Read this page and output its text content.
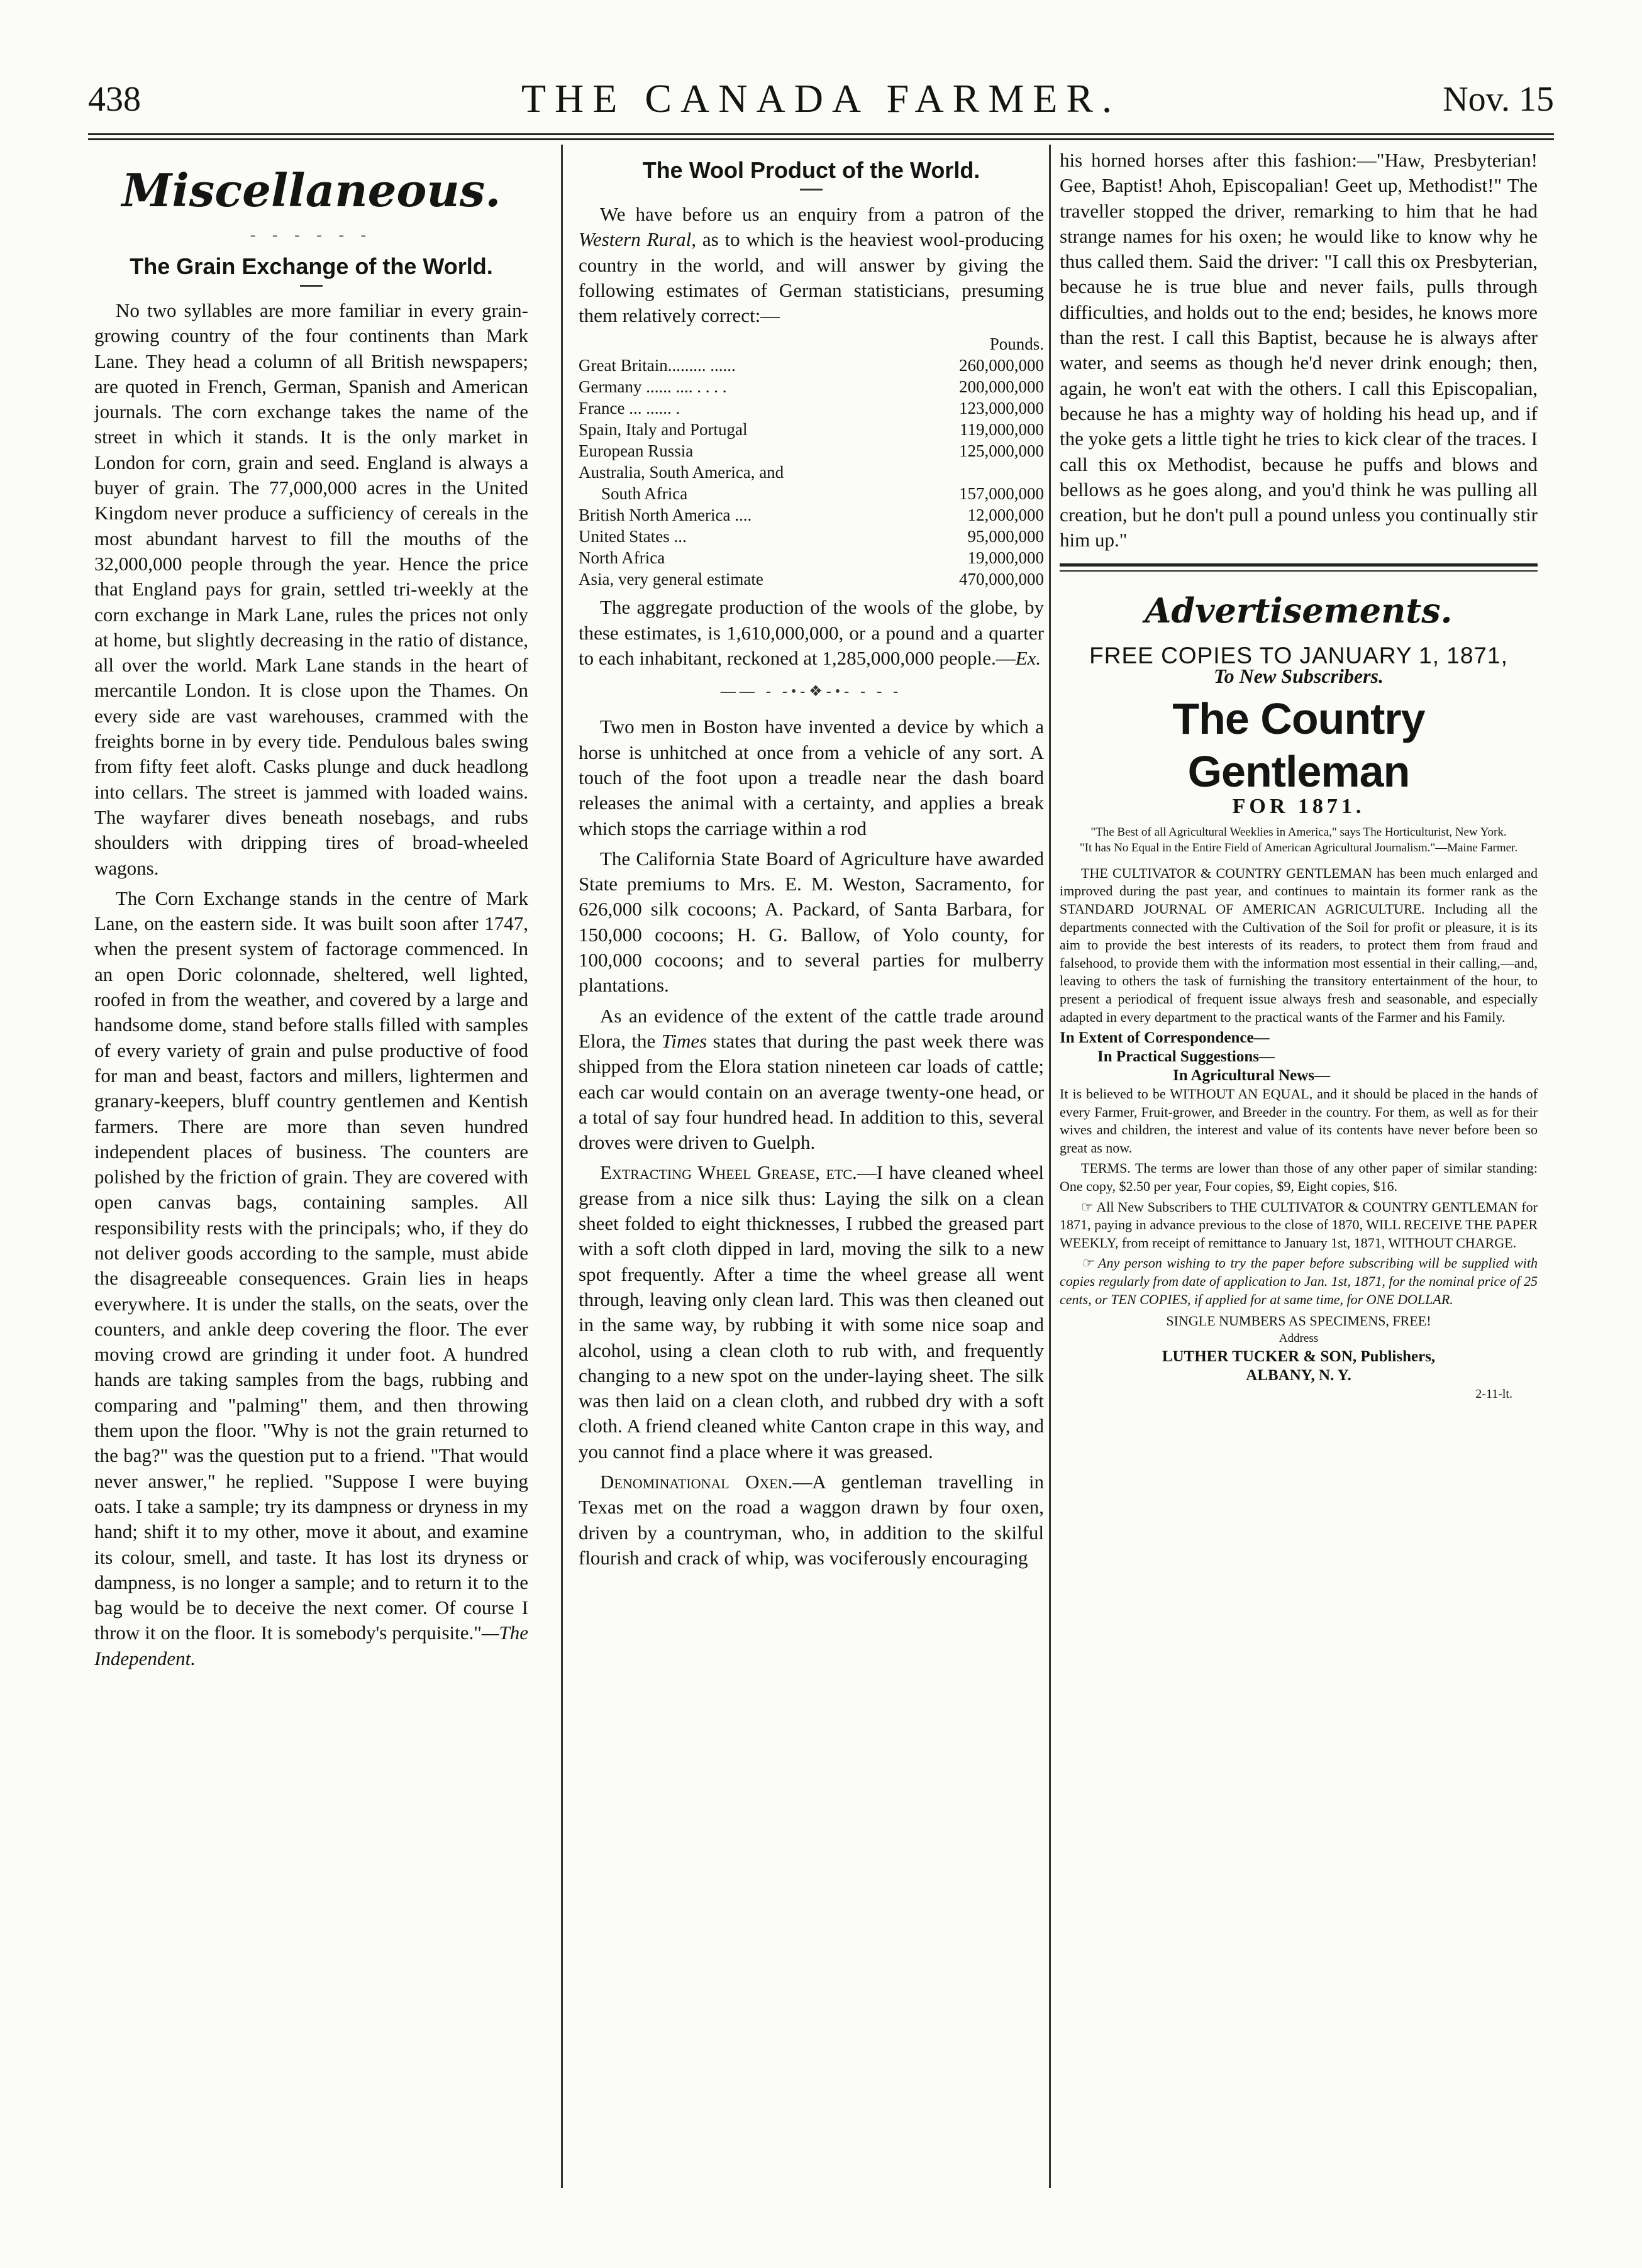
438	THE CANADA FARMER.	Nov. 15
Miscellaneous.
- - - - - -
The Grain Exchange of the World.

No two syllables are more familiar in every grain-growing country of the four continents than Mark Lane. They head a column of all British newspapers; are quoted in French, German, Spanish and American journals. The corn exchange takes the name of the street in which it stands. It is the only market in London for corn, grain and seed. England is always a buyer of grain. The 77,000,000 acres in the United Kingdom never produce a sufficiency of cereals in the most abundant harvest to fill the mouths of the 32,000,000 people through the year. Hence the price that England pays for grain, settled tri-weekly at the corn exchange in Mark Lane, rules the prices not only at home, but slightly decreasing in the ratio of distance, all over the world. Mark Lane stands in the heart of mercantile London. It is close upon the Thames. On every side are vast warehouses, crammed with the freights borne in by every tide. Pendulous bales swing from fifty feet aloft. Casks plunge and duck headlong into cellars. The street is jammed with loaded wains. The wayfarer dives beneath nosebags, and rubs shoulders with dripping tires of broad-wheeled wagons.

The Corn Exchange stands in the centre of Mark Lane, on the eastern side. It was built soon after 1747, when the present system of factorage commenced. In an open Doric colonnade, sheltered, well lighted, roofed in from the weather, and covered by a large and handsome dome, stand before stalls filled with samples of every variety of grain and pulse productive of food for man and beast, factors and millers, lightermen and granary-keepers, bluff country gentlemen and Kentish farmers. There are more than seven hundred independent places of business. The counters are polished by the friction of grain. They are covered with open canvas bags, containing samples. All responsibility rests with the principals; who, if they do not deliver goods according to the sample, must abide the disagreeable consequences. Grain lies in heaps everywhere. It is under the stalls, on the seats, over the counters, and ankle deep covering the floor. The ever moving crowd are grinding it under foot. A hundred hands are taking samples from the bags, rubbing and comparing and "palming" them, and then throwing them upon the floor. "Why is not the grain returned to the bag?" was the question put to a friend. "That would never answer," he replied. "Suppose I were buying oats. I take a sample; try its dampness or dryness in my hand; shift it to my other, move it about, and examine its colour, smell, and taste. It has lost its dryness or dampness, is no longer a sample; and to return it to the bag would be to deceive the next comer. Of course I throw it on the floor. It is somebody's perquisite."—The Independent.

The Wool Product of the World.

We have before us an enquiry from a patron of the Western Rural, as to which is the heaviest wool-producing country in the world, and will answer by giving the following estimates of German statisticians, presuming them relatively correct:—

	Pounds.
Great Britain......... ......	260,000,000
Germany ...... .... . . . .	200,000,000
France ... ...... .	123,000,000
Spain, Italy and Portugal	119,000,000
European Russia	125,000,000
Australia, South America, and	
South Africa	157,000,000
British North America ....	12,000,000
United States ...	95,000,000
North Africa	19,000,000
Asia, very general estimate	470,000,000

The aggregate production of the wools of the globe, by these estimates, is 1,610,000,000, or a pound and a quarter to each inhabitant, reckoned at 1,285,000,000 people.—Ex.

—— - -•-❖-•- - - -

Two men in Boston have invented a device by which a horse is unhitched at once from a vehicle of any sort. A touch of the foot upon a treadle near the dash board releases the animal with a certainty, and applies a break which stops the carriage within a rod

The California State Board of Agriculture have awarded State premiums to Mrs. E. M. Weston, Sacramento, for 626,000 silk cocoons; A. Packard, of Santa Barbara, for 150,000 cocoons; H. G. Ballow, of Yolo county, for 100,000 cocoons; and to several parties for mulberry plantations.

As an evidence of the extent of the cattle trade around Elora, the Times states that during the past week there was shipped from the Elora station nineteen car loads of cattle; each car would contain on an average twenty-one head, or a total of say four hundred head. In addition to this, several droves were driven to Guelph.

Extracting Wheel Grease, etc.—I have cleaned wheel grease from a nice silk thus: Laying the silk on a clean sheet folded to eight thicknesses, I rubbed the greased part with a soft cloth dipped in lard, moving the silk to a new spot frequently. After a time the wheel grease all went through, leaving only clean lard. This was then cleaned out in the same way, by rubbing it with some nice soap and alcohol, using a clean cloth to rub with, and frequently changing to a new spot on the under-laying sheet. The silk was then laid on a clean cloth, and rubbed dry with a soft cloth. A friend cleaned white Canton crape in this way, and you cannot find a place where it was greased.

Denominational Oxen.—A gentleman travelling in Texas met on the road a waggon drawn by four oxen, driven by a countryman, who, in addition to the skilful flourish and crack of whip, was vociferously encouraging

his horned horses after this fashion:—"Haw, Presbyterian! Gee, Baptist! Ahoh, Episcopalian! Geet up, Methodist!" The traveller stopped the driver, remarking to him that he had strange names for his oxen; he would like to know why he thus called them. Said the driver: "I call this ox Presbyterian, because he is true blue and never fails, pulls through difficulties, and holds out to the end; besides, he knows more than the rest. I call this Baptist, because he is always after water, and seems as though he'd never drink enough; then, again, he won't eat with the others. I call this Episcopalian, because he has a mighty way of holding his head up, and if the yoke gets a little tight he tries to kick clear of the traces. I call this ox Methodist, because he puffs and blows and bellows as he goes along, and you'd think he was pulling all creation, but he don't pull a pound unless you continually stir him up."

Advertisements.
FREE COPIES TO JANUARY 1, 1871,
To New Subscribers.
The Country Gentleman
FOR 1871.
"The Best of all Agricultural Weeklies in America," says The Horticulturist, New York.
"It has No Equal in the Entire Field of American Agricultural Journalism."—Maine Farmer.

THE CULTIVATOR & COUNTRY GENTLEMAN has been much enlarged and improved during the past year, and continues to maintain its former rank as the STANDARD JOURNAL OF AMERICAN AGRICULTURE. Including all the departments connected with the Cultivation of the Soil for profit or pleasure, it is its aim to provide the best interests of its readers, to protect them from fraud and falsehood, to provide them with the information most essential in their calling,—and, leaving to others the task of furnishing the transitory entertainment of the hour, to present a periodical of frequent issue always fresh and seasonable, and especially adapted in every department to the practical wants of the Farmer and his Family.

In Extent of Correspondence—
In Practical Suggestions—
In Agricultural News—

It is believed to be WITHOUT AN EQUAL, and it should be placed in the hands of every Farmer, Fruit-grower, and Breeder in the country. For them, as well as for their wives and children, the interest and value of its contents have never before been so great as now.

TERMS. The terms are lower than those of any other paper of similar standing: One copy, $2.50 per year, Four copies, $9, Eight copies, $16.

☞ All New Subscribers to THE CULTIVATOR & COUNTRY GENTLEMAN for 1871, paying in advance previous to the close of 1870, WILL RECEIVE THE PAPER WEEKLY, from receipt of remittance to January 1st, 1871, WITHOUT CHARGE.

☞ Any person wishing to try the paper before subscribing will be supplied with copies regularly from date of application to Jan. 1st, 1871, for the nominal price of 25 cents, or TEN COPIES, if applied for at same time, for ONE DOLLAR.

SINGLE NUMBERS AS SPECIMENS, FREE!
Address
LUTHER TUCKER & SON, Publishers,
ALBANY, N. Y.
2-11-lt.
